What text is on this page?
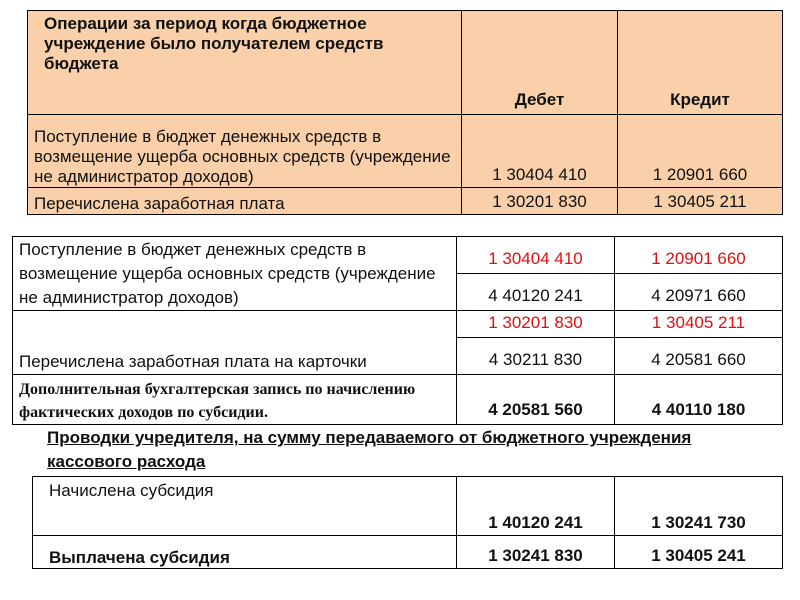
Операции за период когда бюджетное учреждение было получателем средств бюджета	Дебет	Кредит
Поступление в бюджет денежных средств в возмещение ущерба основных средств (учреждение не администратор доходов)	1 30404 410	1 20901 660
Перечислена заработная плата	1 30201 830	1 30405 211
Поступление в бюджет денежных средств в возмещение ущерба основных средств (учреждение не администратор доходов)	1 30404 410	1 20901 660
	4 40120 241	4 20971 660
Перечислена заработная плата на карточки	1 30201 830	1 30405 211
	4 30211 830	4 20581 660
Дополнительная бухгалтерская запись по начислению фактических доходов по субсидии.	4 20581 560	4 40110 180
Проводки учредителя, на сумму передаваемого от бюджетного учреждения кассового расхода
Начислена субсидия	1 40120 241	1 30241 730
Выплачена субсидия	1 30241 830	1 30405 241
